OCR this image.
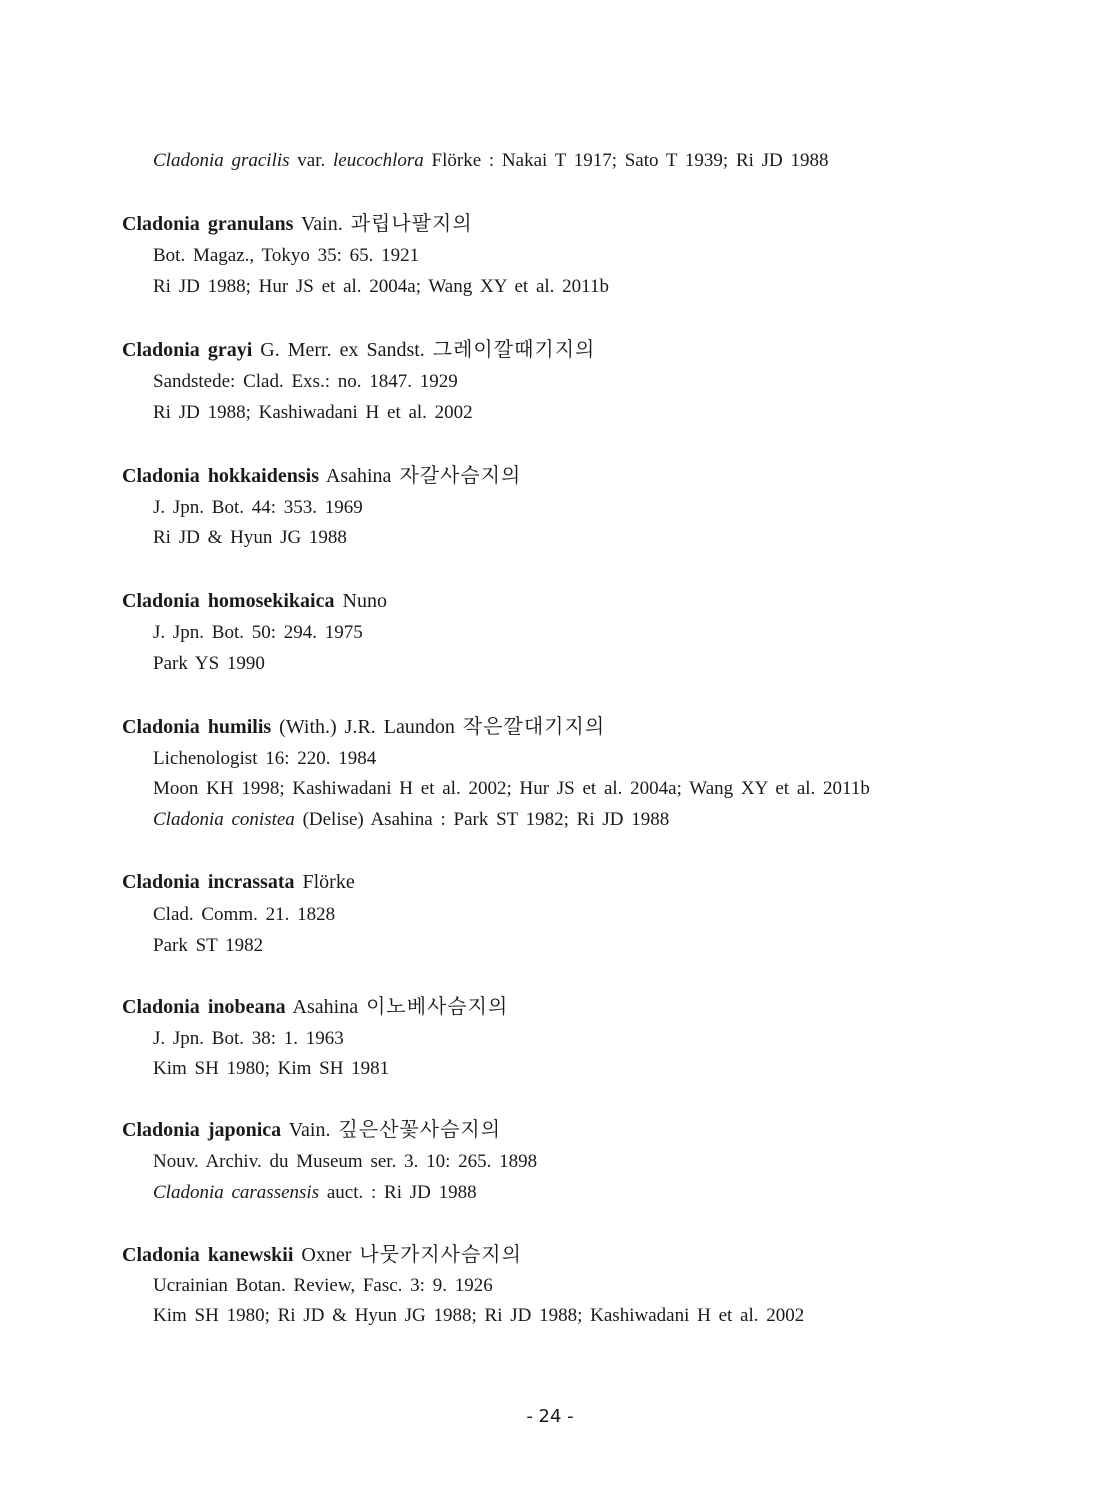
Cladonia gracilis var. leucochlora Flörke : Nakai T 1917; Sato T 1939; Ri JD 1988
Cladonia granulans Vain. 과립나팔지의
Bot. Magaz., Tokyo 35: 65. 1921
Ri JD 1988; Hur JS et al. 2004a; Wang XY et al. 2011b
Cladonia grayi G. Merr. ex Sandst. 그레이깔때기지의
Sandstede: Clad. Exs.: no. 1847. 1929
Ri JD 1988; Kashiwadani H et al. 2002
Cladonia hokkaidensis Asahina 자갈사슴지의
J. Jpn. Bot. 44: 353. 1969
Ri JD & Hyun JG 1988
Cladonia homosekikaica Nuno
J. Jpn. Bot. 50: 294. 1975
Park YS 1990
Cladonia humilis (With.) J.R. Laundon 작은깔대기지의
Lichenologist 16: 220. 1984
Moon KH 1998; Kashiwadani H et al. 2002; Hur JS et al. 2004a; Wang XY et al. 2011b
Cladonia conistea (Delise) Asahina : Park ST 1982; Ri JD 1988
Cladonia incrassata Flörke
Clad. Comm. 21. 1828
Park ST 1982
Cladonia inobeana Asahina 이노베사슴지의
J. Jpn. Bot. 38: 1. 1963
Kim SH 1980; Kim SH 1981
Cladonia japonica Vain. 깊은산꽃사슴지의
Nouv. Archiv. du Museum ser. 3. 10: 265. 1898
Cladonia carassensis auct. : Ri JD 1988
Cladonia kanewskii Oxner 나뭇가지사슴지의
Ucrainian Botan. Review, Fasc. 3: 9. 1926
Kim SH 1980; Ri JD & Hyun JG 1988; Ri JD 1988; Kashiwadani H et al. 2002
- 24 -
